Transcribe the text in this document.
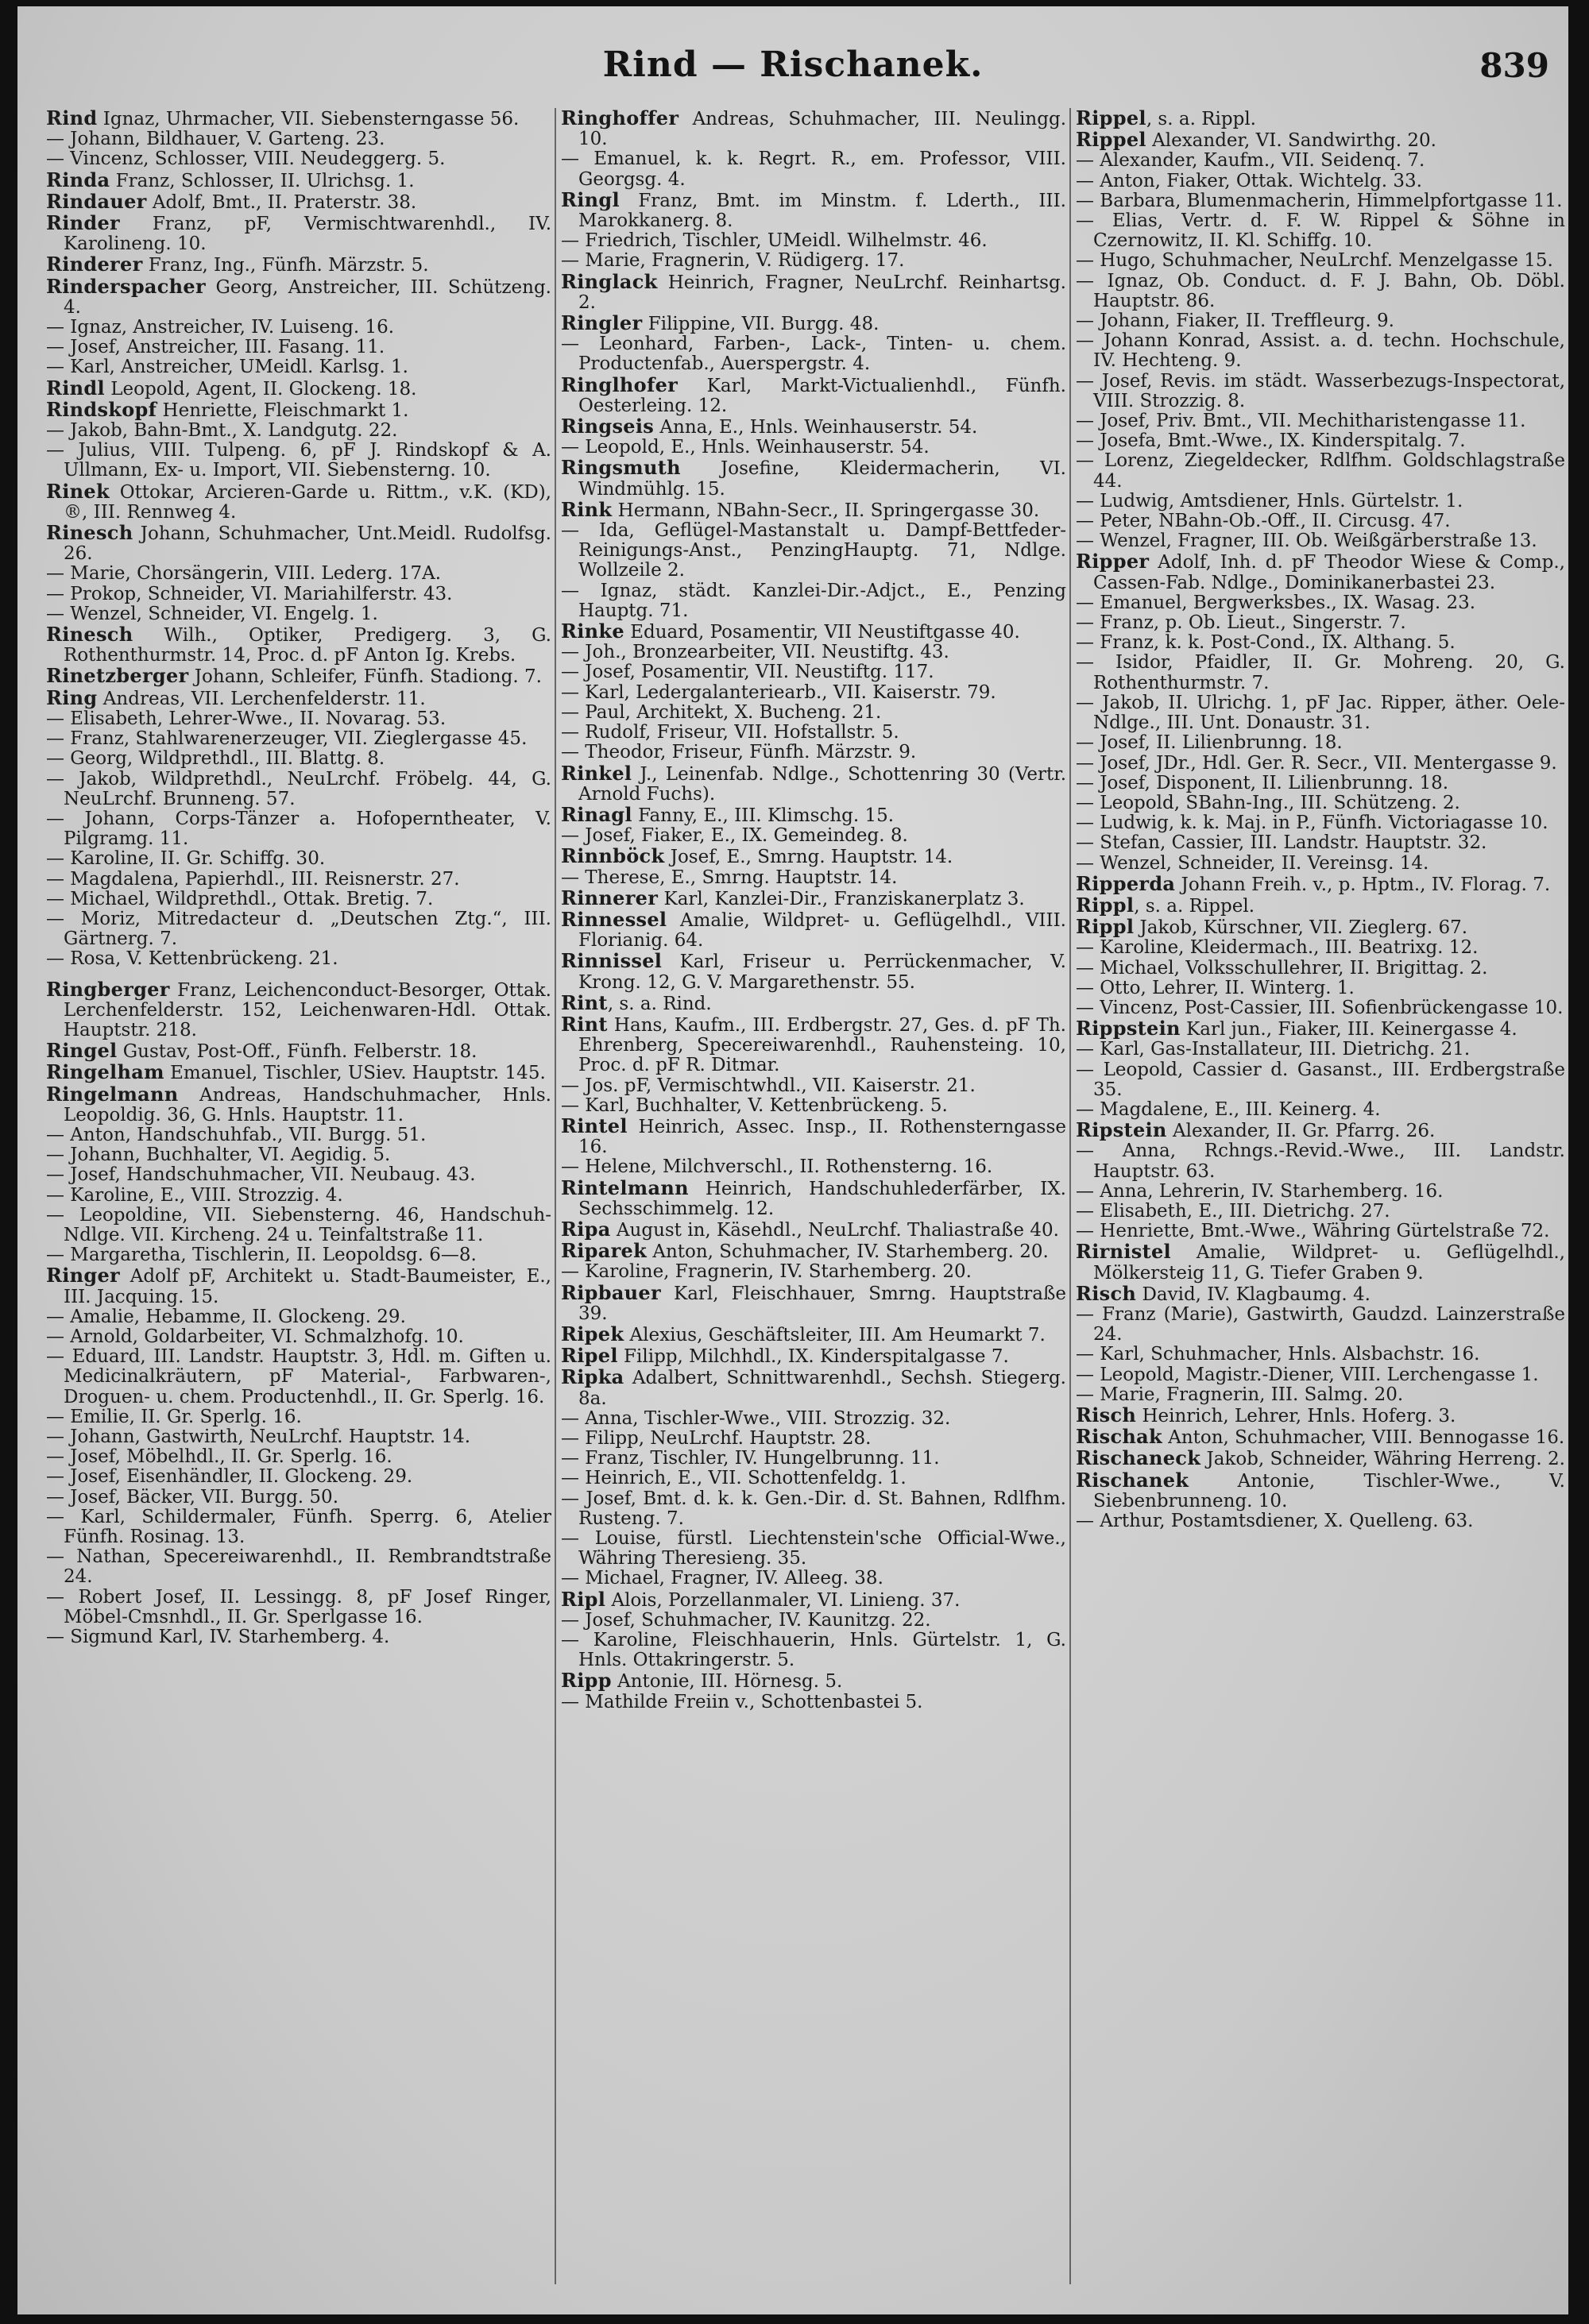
Rind — Rischanek.	839

Rind Ignaz, Uhrmacher, VII. Siebensterngasse 56.

— Johann, Bildhauer, V. Garteng. 23.

— Vincenz, Schlosser, VIII. Neudeggerg. 5.

Rinda Franz, Schlosser, II. Ulrichsg. 1.

Rindauer Adolf, Bmt., II. Praterstr. 38.

Rinder Franz, pF, Vermischtwarenhdl., IV. Karolineng. 10.

Rinderer Franz, Ing., Fünfh. Märzstr. 5.

Rinderspacher Georg, Anstreicher, III. Schützeng. 4.

— Ignaz, Anstreicher, IV. Luiseng. 16.

— Josef, Anstreicher, III. Fasang. 11.

— Karl, Anstreicher, UMeidl. Karlsg. 1.

Rindl Leopold, Agent, II. Glockeng. 18.

Rindskopf Henriette, Fleischmarkt 1.

— Jakob, Bahn-Bmt., X. Landgutg. 22.

— Julius, VIII. Tulpeng. 6, pF J. Rindskopf & A. Ullmann, Ex- u. Import, VII. Siebensterng. 10.

Rinek Ottokar, Arcieren-Garde u. Rittm., v.K. (KD), ®, III. Rennweg 4.

Rinesch Johann, Schuhmacher, Unt.Meidl. Rudolfsg. 26.

— Marie, Chorsängerin, VIII. Lederg. 17A.

— Prokop, Schneider, VI. Mariahilferstr. 43.

— Wenzel, Schneider, VI. Engelg. 1.

Rinesch Wilh., Optiker, Predigerg. 3, G. Rothenthurmstr. 14, Proc. d. pF Anton Ig. Krebs.

Rinetzberger Johann, Schleifer, Fünfh. Stadiong. 7.

Ring Andreas, VII. Lerchenfelderstr. 11.

— Elisabeth, Lehrer-Wwe., II. Novarag. 53.

— Franz, Stahlwarenerzeuger, VII. Zieglergasse 45.

— Georg, Wildprethdl., III. Blattg. 8.

— Jakob, Wildprethdl., NeuLrchf. Fröbelg. 44, G. NeuLrchf. Brunneng. 57.

— Johann, Corps-Tänzer a. Hofoperntheater, V. Pilgramg. 11.

— Karoline, II. Gr. Schiffg. 30.

— Magdalena, Papierhdl., III. Reisnerstr. 27.

— Michael, Wildprethdl., Ottak. Bretig. 7.

— Moriz, Mitredacteur d. „Deutschen Ztg.“, III. Gärtnerg. 7.

— Rosa, V. Kettenbrückeng. 21.

Ringberger Franz, Leichenconduct-Besorger, Ottak. Lerchenfelderstr. 152, Leichenwaren-Hdl. Ottak. Hauptstr. 218.

Ringel Gustav, Post-Off., Fünfh. Felberstr. 18.

Ringelham Emanuel, Tischler, USiev. Hauptstr. 145.

Ringelmann Andreas, Handschuhmacher, Hnls. Leopoldig. 36, G. Hnls. Hauptstr. 11.

— Anton, Handschuhfab., VII. Burgg. 51.

— Johann, Buchhalter, VI. Aegidig. 5.

— Josef, Handschuhmacher, VII. Neubaug. 43.

— Karoline, E., VIII. Strozzig. 4.

— Leopoldine, VII. Siebensterng. 46, Handschuh-Ndlge. VII. Kircheng. 24 u. Teinfaltstraße 11.

— Margaretha, Tischlerin, II. Leopoldsg. 6—8.

Ringer Adolf pF, Architekt u. Stadt-Baumeister, E., III. Jacquing. 15.

— Amalie, Hebamme, II. Glockeng. 29.

— Arnold, Goldarbeiter, VI. Schmalzhofg. 10.

— Eduard, III. Landstr. Hauptstr. 3, Hdl. m. Giften u. Medicinalkräutern, pF Material-, Farbwaren-, Droguen- u. chem. Productenhdl., II. Gr. Sperlg. 16.

— Emilie, II. Gr. Sperlg. 16.

— Johann, Gastwirth, NeuLrchf. Hauptstr. 14.

— Josef, Möbelhdl., II. Gr. Sperlg. 16.

— Josef, Eisenhändler, II. Glockeng. 29.

— Josef, Bäcker, VII. Burgg. 50.

— Karl, Schildermaler, Fünfh. Sperrg. 6, Atelier Fünfh. Rosinag. 13.

— Nathan, Specereiwarenhdl., II. Rembrandtstraße 24.

— Robert Josef, II. Lessingg. 8, pF Josef Ringer, Möbel-Cmsnhdl., II. Gr. Sperlgasse 16.

— Sigmund Karl, IV. Starhemberg. 4.

Ringhoffer Andreas, Schuhmacher, III. Neulingg. 10.

— Emanuel, k. k. Regrt. R., em. Professor, VIII. Georgsg. 4.

Ringl Franz, Bmt. im Minstm. f. Lderth., III. Marokkanerg. 8.

— Friedrich, Tischler, UMeidl. Wilhelmstr. 46.

— Marie, Fragnerin, V. Rüdigerg. 17.

Ringlack Heinrich, Fragner, NeuLrchf. Reinhartsg. 2.

Ringler Filippine, VII. Burgg. 48.

— Leonhard, Farben-, Lack-, Tinten- u. chem. Productenfab., Auerspergstr. 4.

Ringlhofer Karl, Markt-Victualienhdl., Fünfh. Oesterleing. 12.

Ringseis Anna, E., Hnls. Weinhauserstr. 54.

— Leopold, E., Hnls. Weinhauserstr. 54.

Ringsmuth Josefine, Kleidermacherin, VI. Windmühlg. 15.

Rink Hermann, NBahn-Secr., II. Springergasse 30.

— Ida, Geflügel-Mastanstalt u. Dampf-Bettfeder-Reinigungs-Anst., PenzingHauptg. 71, Ndlge. Wollzeile 2.

— Ignaz, städt. Kanzlei-Dir.-Adjct., E., Penzing Hauptg. 71.

Rinke Eduard, Posamentir, VII Neustiftgasse 40.

— Joh., Bronzearbeiter, VII. Neustiftg. 43.

— Josef, Posamentir, VII. Neustiftg. 117.

— Karl, Ledergalanteriearb., VII. Kaiserstr. 79.

— Paul, Architekt, X. Bucheng. 21.

— Rudolf, Friseur, VII. Hofstallstr. 5.

— Theodor, Friseur, Fünfh. Märzstr. 9.

Rinkel J., Leinenfab. Ndlge., Schottenring 30 (Vertr. Arnold Fuchs).

Rinagl Fanny, E., III. Klimschg. 15.

— Josef, Fiaker, E., IX. Gemeindeg. 8.

Rinnböck Josef, E., Smrng. Hauptstr. 14.

— Therese, E., Smrng. Hauptstr. 14.

Rinnerer Karl, Kanzlei-Dir., Franziskanerplatz 3.

Rinnessel Amalie, Wildpret- u. Geflügelhdl., VIII. Florianig. 64.

Rinnissel Karl, Friseur u. Perrückenmacher, V. Krong. 12, G. V. Margarethenstr. 55.

Rint, s. a. Rind.

Rint Hans, Kaufm., III. Erdbergstr. 27, Ges. d. pF Th. Ehrenberg, Specereiwarenhdl., Rauhensteing. 10, Proc. d. pF R. Ditmar.

— Jos. pF, Vermischtwhdl., VII. Kaiserstr. 21.

— Karl, Buchhalter, V. Kettenbrückeng. 5.

Rintel Heinrich, Assec. Insp., II. Rothensterngasse 16.

— Helene, Milchverschl., II. Rothensterng. 16.

Rintelmann Heinrich, Handschuhlederfärber, IX. Sechsschimmelg. 12.

Ripa August in, Käsehdl., NeuLrchf. Thaliastraße 40.

Riparek Anton, Schuhmacher, IV. Starhemberg. 20.

— Karoline, Fragnerin, IV. Starhemberg. 20.

Ripbauer Karl, Fleischhauer, Smrng. Hauptstraße 39.

Ripek Alexius, Geschäftsleiter, III. Am Heumarkt 7.

Ripel Filipp, Milchhdl., IX. Kinderspitalgasse 7.

Ripka Adalbert, Schnittwarenhdl., Sechsh. Stiegerg. 8a.

— Anna, Tischler-Wwe., VIII. Strozzig. 32.

— Filipp, NeuLrchf. Hauptstr. 28.

— Franz, Tischler, IV. Hungelbrunng. 11.

— Heinrich, E., VII. Schottenfeldg. 1.

— Josef, Bmt. d. k. k. Gen.-Dir. d. St. Bahnen, Rdlfhm. Rusteng. 7.

— Louise, fürstl. Liechtenstein'sche Official-Wwe., Währing Theresieng. 35.

— Michael, Fragner, IV. Alleeg. 38.

Ripl Alois, Porzellanmaler, VI. Linieng. 37.

— Josef, Schuhmacher, IV. Kaunitzg. 22.

— Karoline, Fleischhauerin, Hnls. Gürtelstr. 1, G. Hnls. Ottakringerstr. 5.

Ripp Antonie, III. Hörnesg. 5.

— Mathilde Freiin v., Schottenbastei 5.

Rippel, s. a. Rippl.

Rippel Alexander, VI. Sandwirthg. 20.

— Alexander, Kaufm., VII. Seidenq. 7.

— Anton, Fiaker, Ottak. Wichtelg. 33.

— Barbara, Blumenmacherin, Himmelpfortgasse 11.

— Elias, Vertr. d. F. W. Rippel & Söhne in Czernowitz, II. Kl. Schiffg. 10.

— Hugo, Schuhmacher, NeuLrchf. Menzelgasse 15.

— Ignaz, Ob. Conduct. d. F. J. Bahn, Ob. Döbl. Hauptstr. 86.

— Johann, Fiaker, II. Treffleurg. 9.

— Johann Konrad, Assist. a. d. techn. Hochschule, IV. Hechteng. 9.

— Josef, Revis. im städt. Wasserbezugs-Inspectorat, VIII. Strozzig. 8.

— Josef, Priv. Bmt., VII. Mechitharistengasse 11.

— Josefa, Bmt.-Wwe., IX. Kinderspitalg. 7.

— Lorenz, Ziegeldecker, Rdlfhm. Goldschlagstraße 44.

— Ludwig, Amtsdiener, Hnls. Gürtelstr. 1.

— Peter, NBahn-Ob.-Off., II. Circusg. 47.

— Wenzel, Fragner, III. Ob. Weißgärberstraße 13.

Ripper Adolf, Inh. d. pF Theodor Wiese & Comp., Cassen-Fab. Ndlge., Dominikanerbastei 23.

— Emanuel, Bergwerksbes., IX. Wasag. 23.

— Franz, p. Ob. Lieut., Singerstr. 7.

— Franz, k. k. Post-Cond., IX. Althang. 5.

— Isidor, Pfaidler, II. Gr. Mohreng. 20, G. Rothenthurmstr. 7.

— Jakob, II. Ulrichg. 1, pF Jac. Ripper, äther. Oele-Ndlge., III. Unt. Donaustr. 31.

— Josef, II. Lilienbrunng. 18.

— Josef, JDr., Hdl. Ger. R. Secr., VII. Mentergasse 9.

— Josef, Disponent, II. Lilienbrunng. 18.

— Leopold, SBahn-Ing., III. Schützeng. 2.

— Ludwig, k. k. Maj. in P., Fünfh. Victoriagasse 10.

— Stefan, Cassier, III. Landstr. Hauptstr. 32.

— Wenzel, Schneider, II. Vereinsg. 14.

Ripperda Johann Freih. v., p. Hptm., IV. Florag. 7.

Rippl, s. a. Rippel.

Rippl Jakob, Kürschner, VII. Zieglerg. 67.

— Karoline, Kleidermach., III. Beatrixg. 12.

— Michael, Volksschullehrer, II. Brigittag. 2.

— Otto, Lehrer, II. Winterg. 1.

— Vincenz, Post-Cassier, III. Sofienbrückengasse 10.

Rippstein Karl jun., Fiaker, III. Keinergasse 4.

— Karl, Gas-Installateur, III. Dietrichg. 21.

— Leopold, Cassier d. Gasanst., III. Erdbergstraße 35.

— Magdalene, E., III. Keinerg. 4.

Ripstein Alexander, II. Gr. Pfarrg. 26.

— Anna, Rchngs.-Revid.-Wwe., III. Landstr. Hauptstr. 63.

— Anna, Lehrerin, IV. Starhemberg. 16.

— Elisabeth, E., III. Dietrichg. 27.

— Henriette, Bmt.-Wwe., Währing Gürtelstraße 72.

Rirnistel Amalie, Wildpret- u. Geflügelhdl., Mölkersteig 11, G. Tiefer Graben 9.

Risch David, IV. Klagbaumg. 4.

— Franz (Marie), Gastwirth, Gaudzd. Lainzerstraße 24.

— Karl, Schuhmacher, Hnls. Alsbachstr. 16.

— Leopold, Magistr.-Diener, VIII. Lerchengasse 1.

— Marie, Fragnerin, III. Salmg. 20.

Risch Heinrich, Lehrer, Hnls. Hoferg. 3.

Rischak Anton, Schuhmacher, VIII. Bennogasse 16.

Rischaneck Jakob, Schneider, Währing Herreng. 2.

Rischanek Antonie, Tischler-Wwe., V. Siebenbrunneng. 10.

— Arthur, Postamtsdiener, X. Quelleng. 63.
